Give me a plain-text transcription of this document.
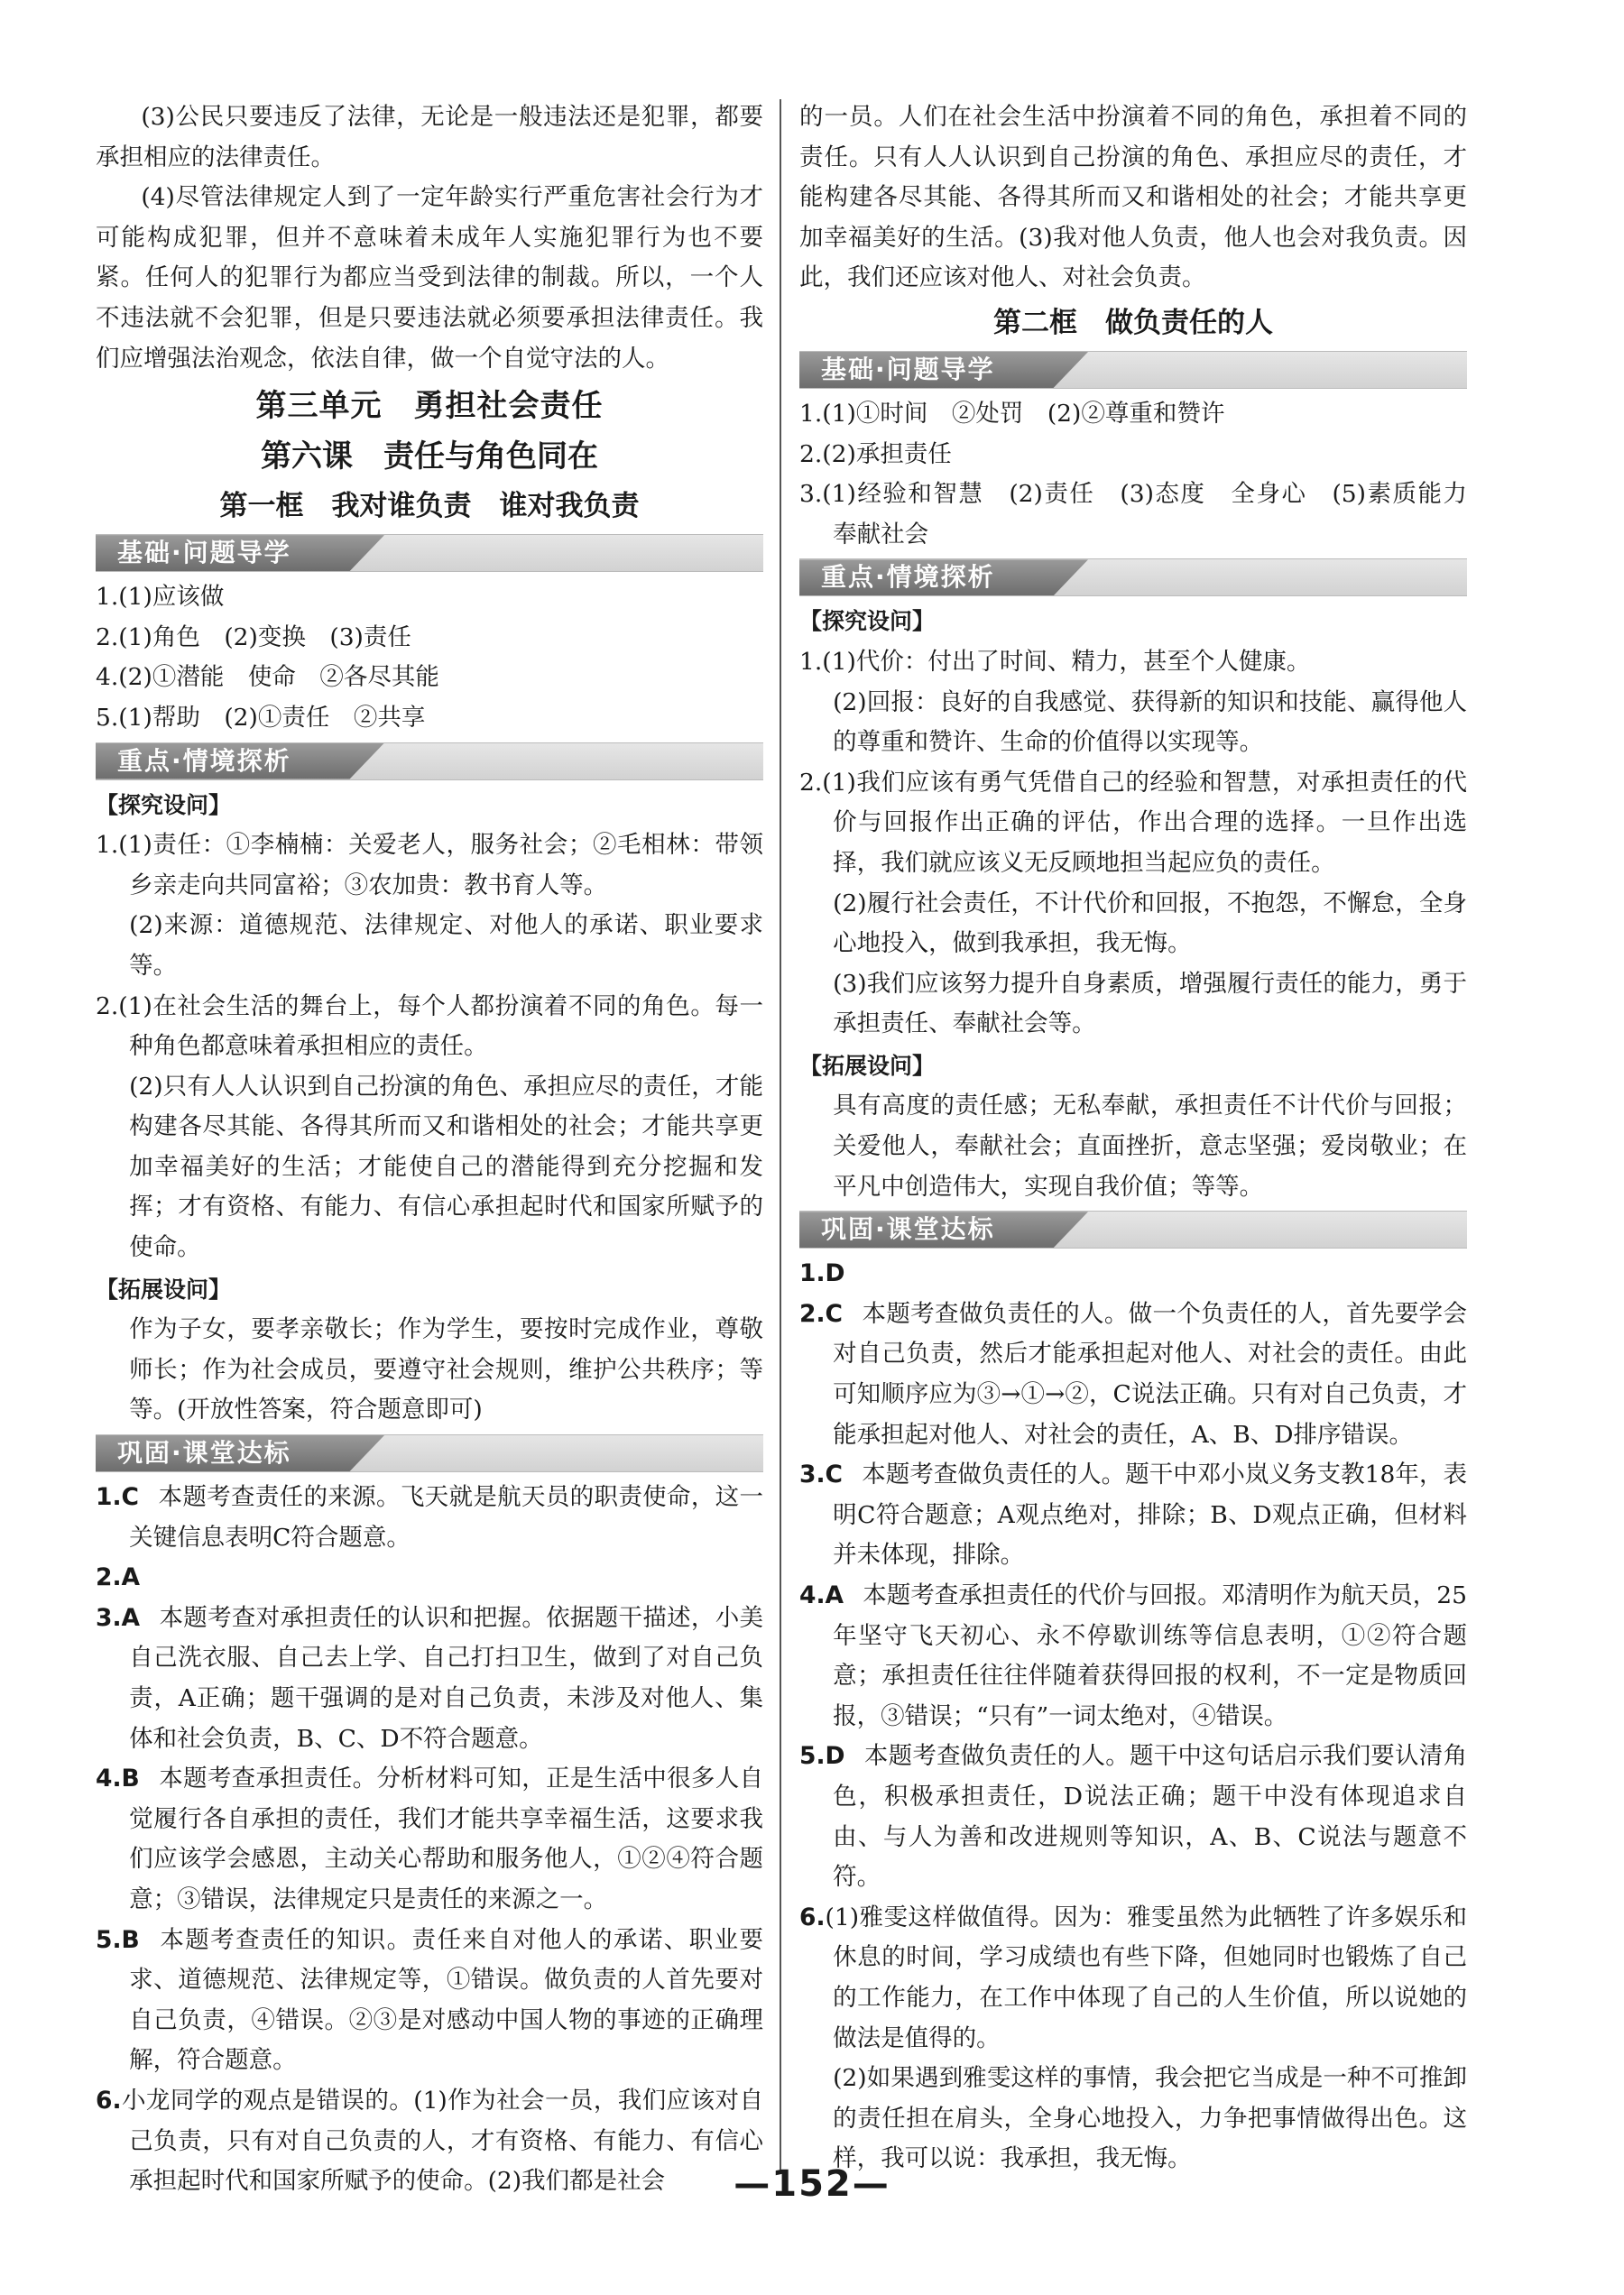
(3)公民只要违反了法律，无论是一般违法还是犯罪，都要承担相应的法律责任。

(4)尽管法律规定人到了一定年龄实行严重危害社会行为才可能构成犯罪，但并不意味着未成年人实施犯罪行为也不要紧。任何人的犯罪行为都应当受到法律的制裁。所以，一个人不违法就不会犯罪，但是只要违法就必须要承担法律责任。我们应增强法治观念，依法自律，做一个自觉守法的人。

第三单元　勇担社会责任

第六课　责任与角色同在

第一框　我对谁负责　谁对我负责

基础·问题导学

1.(1)应该做

2.(1)角色　(2)变换　(3)责任

4.(2)①潜能　使命　②各尽其能

5.(1)帮助　(2)①责任　②共享

重点·情境探析

【探究设问】

1.(1)责任：①李楠楠：关爱老人，服务社会；②毛相林：带领乡亲走向共同富裕；③农加贵：教书育人等。

(2)来源：道德规范、法律规定、对他人的承诺、职业要求等。

2.(1)在社会生活的舞台上，每个人都扮演着不同的角色。每一种角色都意味着承担相应的责任。

(2)只有人人认识到自己扮演的角色、承担应尽的责任，才能构建各尽其能、各得其所而又和谐相处的社会；才能共享更加幸福美好的生活；才能使自己的潜能得到充分挖掘和发挥；才有资格、有能力、有信心承担起时代和国家所赋予的使命。

【拓展设问】

作为子女，要孝亲敬长；作为学生，要按时完成作业，尊敬师长；作为社会成员，要遵守社会规则，维护公共秩序；等等。(开放性答案，符合题意即可)

巩固·课堂达标

1.C 本题考查责任的来源。飞天就是航天员的职责使命，这一关键信息表明C符合题意。

2.A

3.A 本题考查对承担责任的认识和把握。依据题干描述，小美自己洗衣服、自己去上学、自己打扫卫生，做到了对自己负责，A正确；题干强调的是对自己负责，未涉及对他人、集体和社会负责，B、C、D不符合题意。

4.B 本题考查承担责任。分析材料可知，正是生活中很多人自觉履行各自承担的责任，我们才能共享幸福生活，这要求我们应该学会感恩，主动关心帮助和服务他人，①②④符合题意；③错误，法律规定只是责任的来源之一。

5.B 本题考查责任的知识。责任来自对他人的承诺、职业要求、道德规范、法律规定等，①错误。做负责的人首先要对自己负责，④错误。②③是对感动中国人物的事迹的正确理解，符合题意。

6.小龙同学的观点是错误的。(1)作为社会一员，我们应该对自己负责，只有对自己负责的人，才有资格、有能力、有信心承担起时代和国家所赋予的使命。(2)我们都是社会

的一员。人们在社会生活中扮演着不同的角色，承担着不同的责任。只有人人认识到自己扮演的角色、承担应尽的责任，才能构建各尽其能、各得其所而又和谐相处的社会；才能共享更加幸福美好的生活。(3)我对他人负责，他人也会对我负责。因此，我们还应该对他人、对社会负责。

第二框　做负责任的人

基础·问题导学

1.(1)①时间　②处罚　(2)②尊重和赞许

2.(2)承担责任

3.(1)经验和智慧　(2)责任　(3)态度　全身心　(5)素质能力　奉献社会

重点·情境探析

【探究设问】

1.(1)代价：付出了时间、精力，甚至个人健康。

(2)回报：良好的自我感觉、获得新的知识和技能、赢得他人的尊重和赞许、生命的价值得以实现等。

2.(1)我们应该有勇气凭借自己的经验和智慧，对承担责任的代价与回报作出正确的评估，作出合理的选择。一旦作出选择，我们就应该义无反顾地担当起应负的责任。

(2)履行社会责任，不计代价和回报，不抱怨，不懈怠，全身心地投入，做到我承担，我无悔。

(3)我们应该努力提升自身素质，增强履行责任的能力，勇于承担责任、奉献社会等。

【拓展设问】

具有高度的责任感；无私奉献，承担责任不计代价与回报；关爱他人，奉献社会；直面挫折，意志坚强；爱岗敬业；在平凡中创造伟大，实现自我价值；等等。

巩固·课堂达标

1.D

2.C 本题考查做负责任的人。做一个负责任的人，首先要学会对自己负责，然后才能承担起对他人、对社会的责任。由此可知顺序应为③→①→②，C说法正确。只有对自己负责，才能承担起对他人、对社会的责任，A、B、D排序错误。

3.C 本题考查做负责任的人。题干中邓小岚义务支教18年，表明C符合题意；A观点绝对，排除；B、D观点正确，但材料并未体现，排除。

4.A 本题考查承担责任的代价与回报。邓清明作为航天员，25年坚守飞天初心、永不停歇训练等信息表明，①②符合题意；承担责任往往伴随着获得回报的权利，不一定是物质回报，③错误；“只有”一词太绝对，④错误。

5.D 本题考查做负责任的人。题干中这句话启示我们要认清角色，积极承担责任，D说法正确；题干中没有体现追求自由、与人为善和改进规则等知识，A、B、C说法与题意不符。

6.(1)雅雯这样做值得。因为：雅雯虽然为此牺牲了许多娱乐和休息的时间，学习成绩也有些下降，但她同时也锻炼了自己的工作能力，在工作中体现了自己的人生价值，所以说她的做法是值得的。

(2)如果遇到雅雯这样的事情，我会把它当成是一种不可推卸的责任担在肩头，全身心地投入，力争把事情做得出色。这样，我可以说：我承担，我无悔。

—152—
